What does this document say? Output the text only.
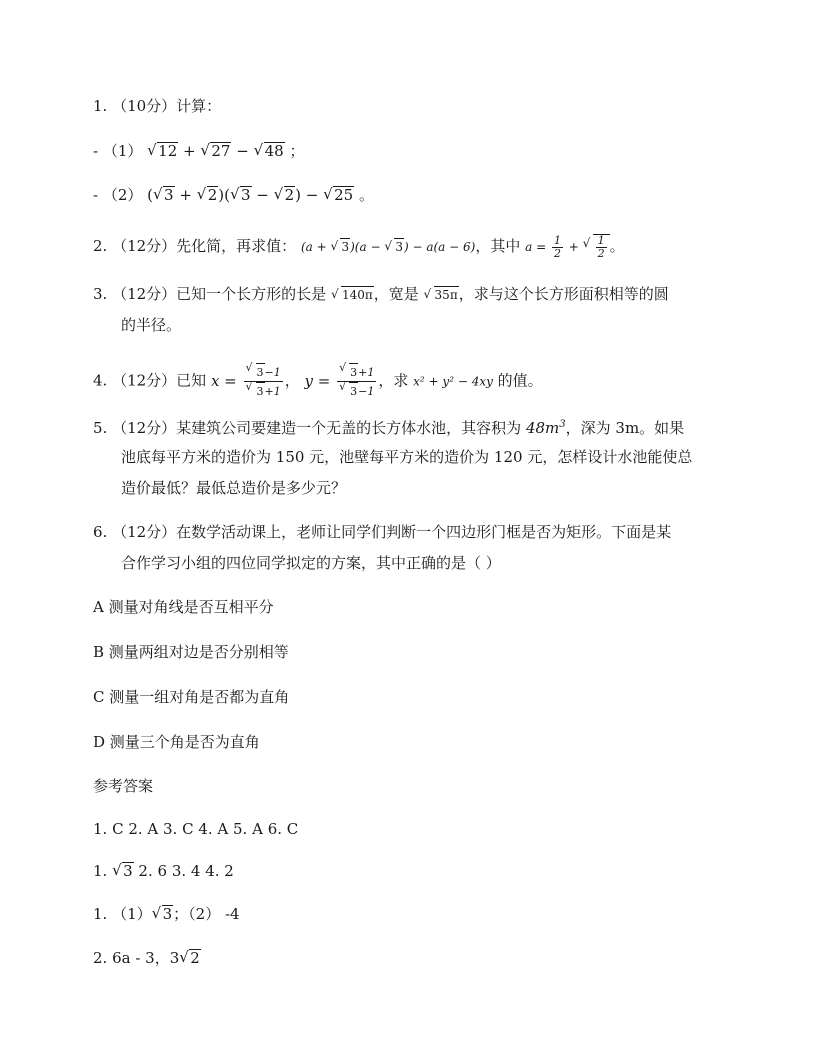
1. （10分）计算：
- （1） √ 12 + √ 27 − √ 48 ；
- （2） ( √ 3 + √ 2)( √ 3 − √ 2) − √ 25 。
2. （12分）先化简，再求值： (a + √ 3)(a − √ 3) − a(a − 6)，其中 $a = \frac{1}{2}$ + √ $\frac{1}{2}$ 。
3. （12分）已知一个长方形的长是 √ 140π，宽是 √ 35π，求与这个长方形面积相等的圆
的半径。
4. （12分）已知 x = √ 3−1
√ 3+1 ， y = √ 3+1
√ 3−1 ，求 x² + y² − 4xy 的值。
5. （12分）某建筑公司要建造一个无盖的长方体水池，其容积为 $48m^3$，深为 3m。如果
池底每平方米的造价为 150 元，池壁每平方米的造价为 120 元，怎样设计水池能使总
造价最低？最低总造价是多少元？
6. （12分）在数学活动课上，老师让同学们判断一个四边形门框是否为矩形。下面是某
合作学习小组的四位同学拟定的方案，其中正确的是（ ）
A 测量对角线是否互相平分
B 测量两组对边是否分别相等
C 测量一组对角是否都为直角
D 测量三个角是否为直角
参考答案
1. C 2. A 3. C 4. A 5. A 6. C
1. √ 3 2. 6 3. 4 4. 2
1. （1） √ 3；（2） -4
2. 6a - 3，3 √ 2
